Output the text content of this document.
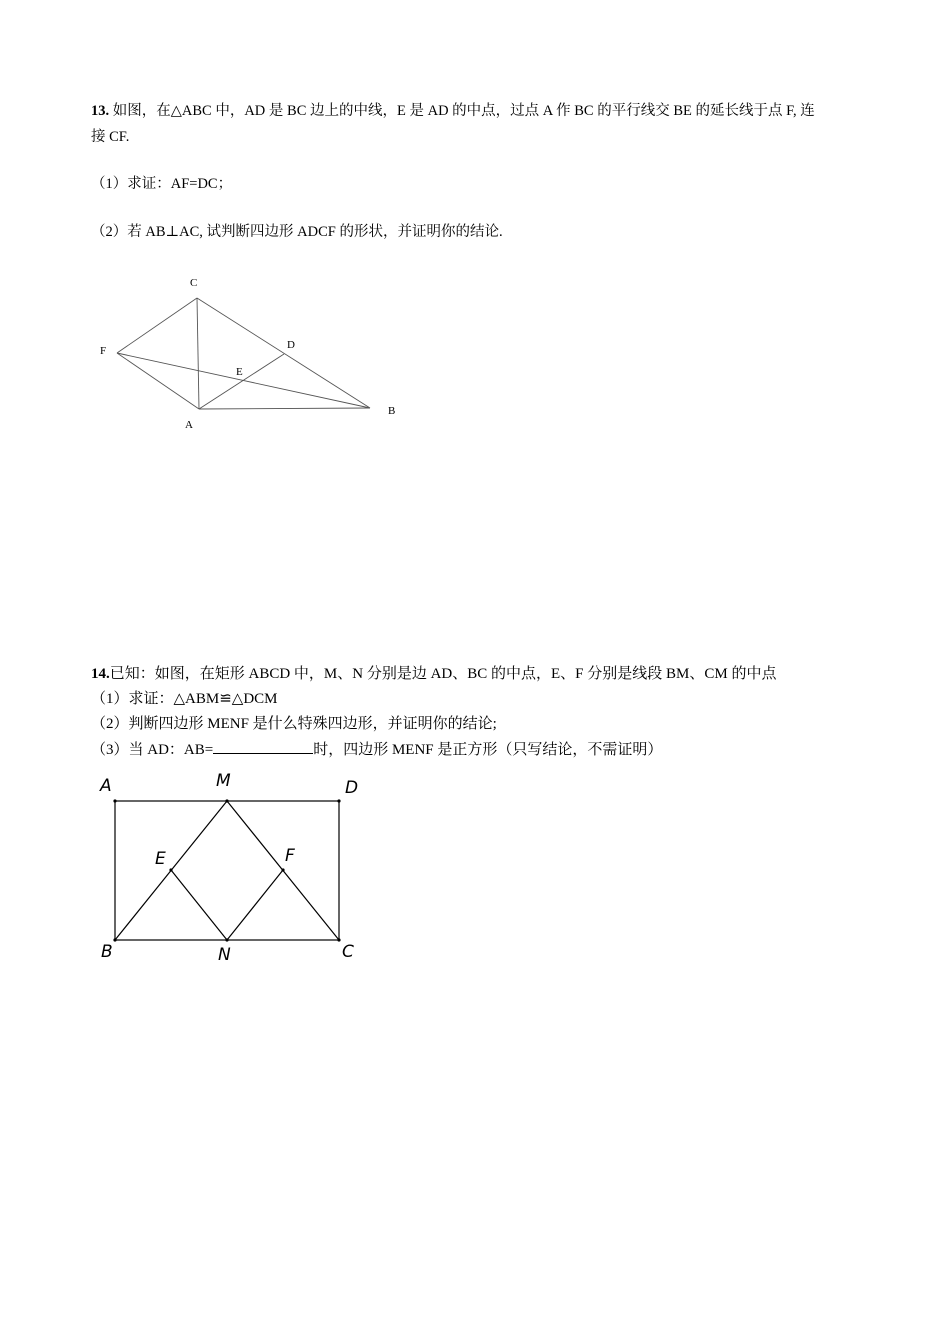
13. 如图，在△ABC 中，AD 是 BC 边上的中线，E 是 AD 的中点，过点 A 作 BC 的平行线交 BE 的延长线于点 F, 连
接 CF.
（1）求证：AF=DC；
（2）若 AB⊥AC, 试判断四边形 ADCF 的形状，并证明你的结论.
C
F	D
E
B
A
14.已知：如图，在矩形 ABCD 中，M、N 分别是边 AD、BC 的中点，E、F 分别是线段 BM、CM 的中点
（1）求证：△ABM≌△DCM
（2）判断四边形 MENF 是什么特殊四边形，并证明你的结论;
（3）当 AD：AB=	时，四边形 MENF 是正方形（只写结论，不需证明）
A	M	D
E	F
B	N	C
